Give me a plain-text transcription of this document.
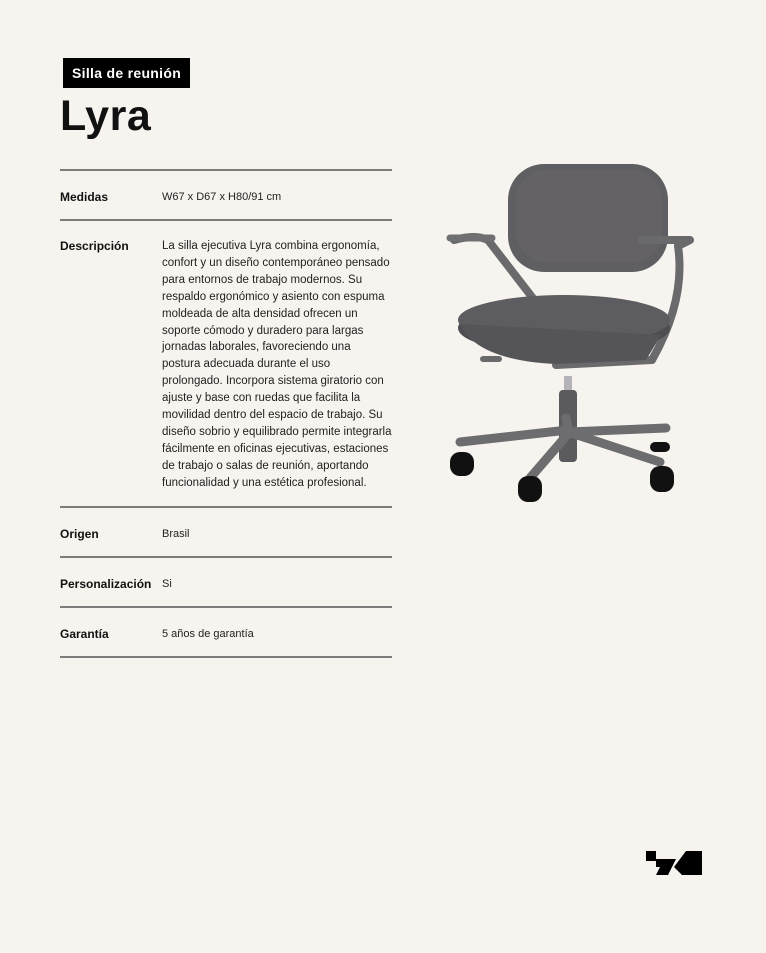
Silla de reunión
Lyra
Medidas	W67 x D67 x H80/91 cm
Descripción	La silla ejecutiva Lyra combina ergonomía, confort y un diseño contemporáneo pensado para entornos de trabajo modernos. Su respaldo ergonómico y asiento con espuma moldeada de alta densidad ofrecen un soporte cómodo y duradero para largas jornadas laborales, favoreciendo una postura adecuada durante el uso prolongado. Incorpora sistema giratorio con ajuste y base con ruedas que facilita la movilidad dentro del espacio de trabajo. Su diseño sobrio y equilibrado permite integrarla fácilmente en oficinas ejecutivas, estaciones de trabajo o salas de reunión, aportando funcionalidad y una estética profesional.
Origen	Brasil
Personalización Si
Garantía	5 años de garantía
